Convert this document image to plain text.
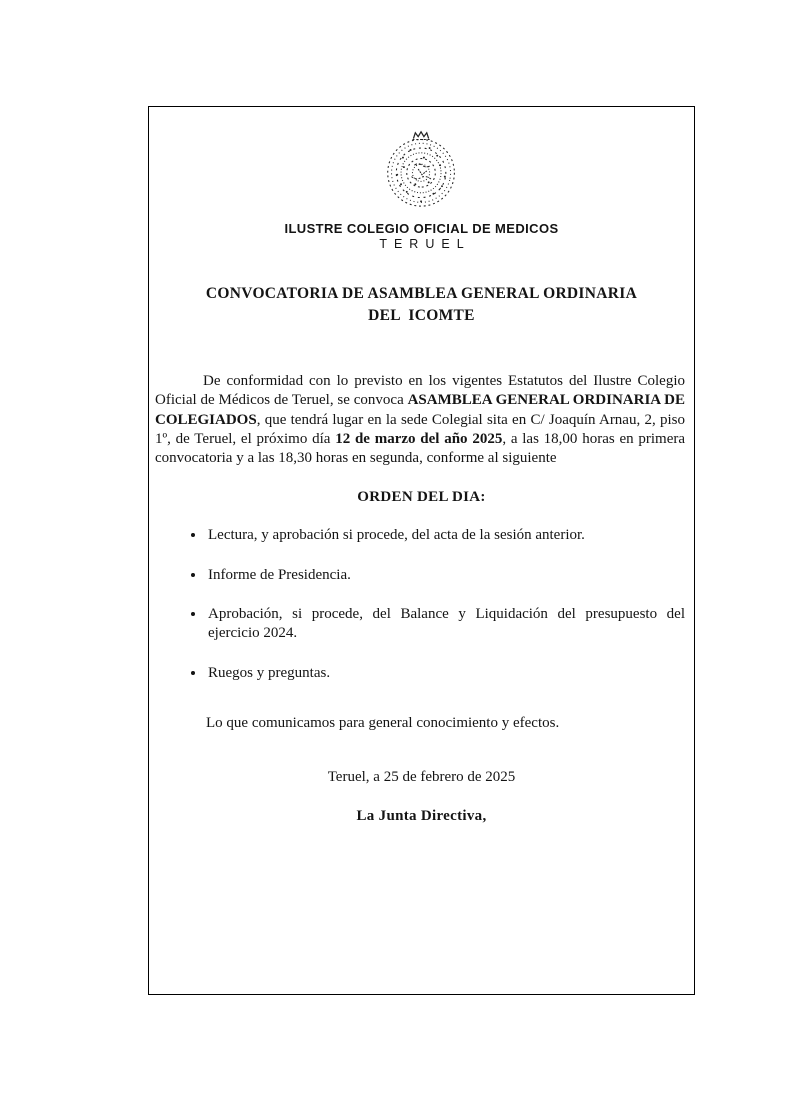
ILUSTRE COLEGIO OFICIAL DE MEDICOS
TERUEL
CONVOCATORIA DE ASAMBLEA GENERAL ORDINARIA
DEL  ICOMTE

De conformidad con lo previsto en los vigentes Estatutos del Ilustre Colegio Oficial de Médicos de Teruel, se convoca ASAMBLEA GENERAL ORDINARIA DE COLEGIADOS, que tendrá lugar en la sede Colegial sita en C/ Joaquín Arnau, 2, piso 1º, de Teruel, el próximo día 12 de marzo del año 2025, a las 18,00 horas en primera convocatoria y a las 18,30 horas en segunda, conforme al siguiente

ORDEN DEL DIA:
• Lectura, y aprobación si procede, del acta de la sesión anterior.
• Informe de Presidencia.
• Aprobación, si procede, del Balance y Liquidación del presupuesto del ejercicio 2024.
• Ruegos y preguntas.
Lo que comunicamos para general conocimiento y efectos.
Teruel, a 25 de febrero de 2025
La Junta Directiva,
